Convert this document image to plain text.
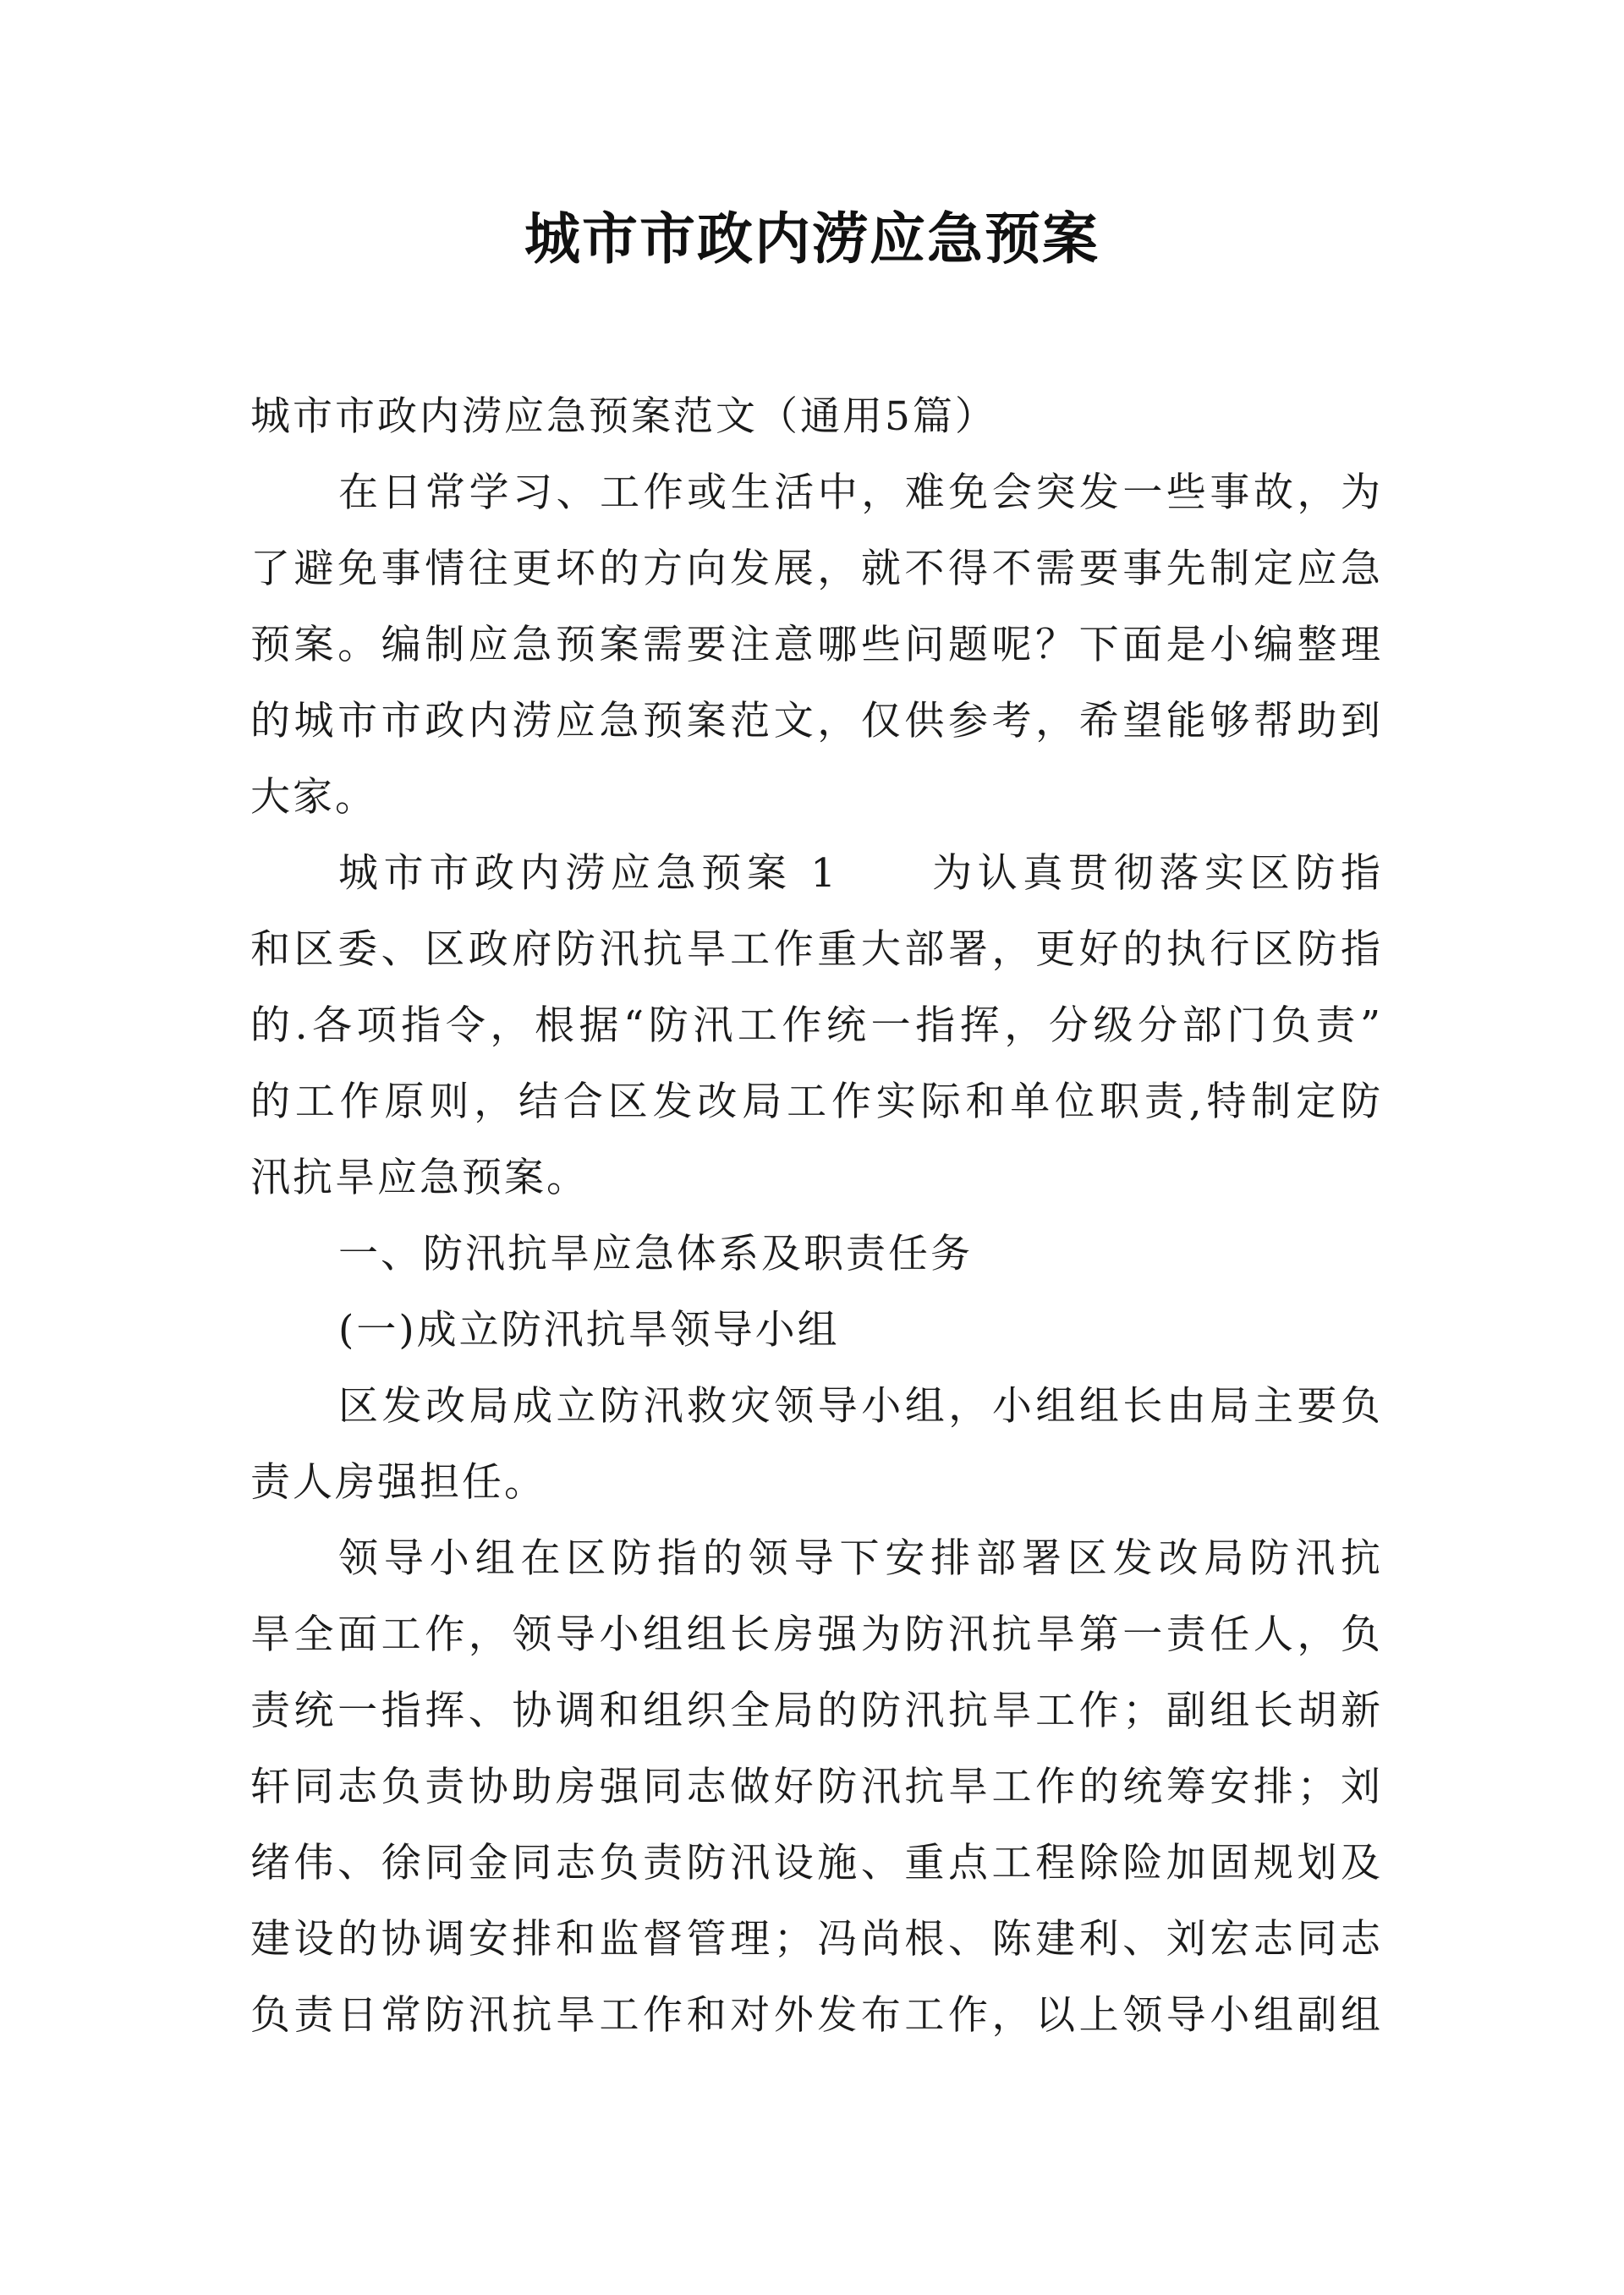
城市市政内涝应急预案
城市市政内涝应急预案范文（通用5篇）
在日常学习、工作或生活中，难免会突发一些事故，为
了避免事情往更坏的方向发展，就不得不需要事先制定应急
预案。编制应急预案需要注意哪些问题呢？下面是小编整理
的城市市政内涝应急预案范文，仅供参考，希望能够帮助到
大家。
城市市政内涝应急预案 1　　为认真贯彻落实区防指
和区委、区政府防汛抗旱工作重大部署，更好的执行区防指
的.各项指令，根据“防汛工作统一指挥，分级分部门负责”
的工作原则，结合区发改局工作实际和单位职责,特制定防
汛抗旱应急预案。
一、防汛抗旱应急体系及职责任务
(一)成立防汛抗旱领导小组
区发改局成立防汛救灾领导小组，小组组长由局主要负
责人房强担任。
领导小组在区防指的领导下安排部署区发改局防汛抗
旱全面工作，领导小组组长房强为防汛抗旱第一责任人，负
责统一指挥、协调和组织全局的防汛抗旱工作；副组长胡新
轩同志负责协助房强同志做好防汛抗旱工作的统筹安排；刘
绪伟、徐同金同志负责防汛设施、重点工程除险加固规划及
建设的协调安排和监督管理；冯尚根、陈建利、刘宏志同志
负责日常防汛抗旱工作和对外发布工作，以上领导小组副组
